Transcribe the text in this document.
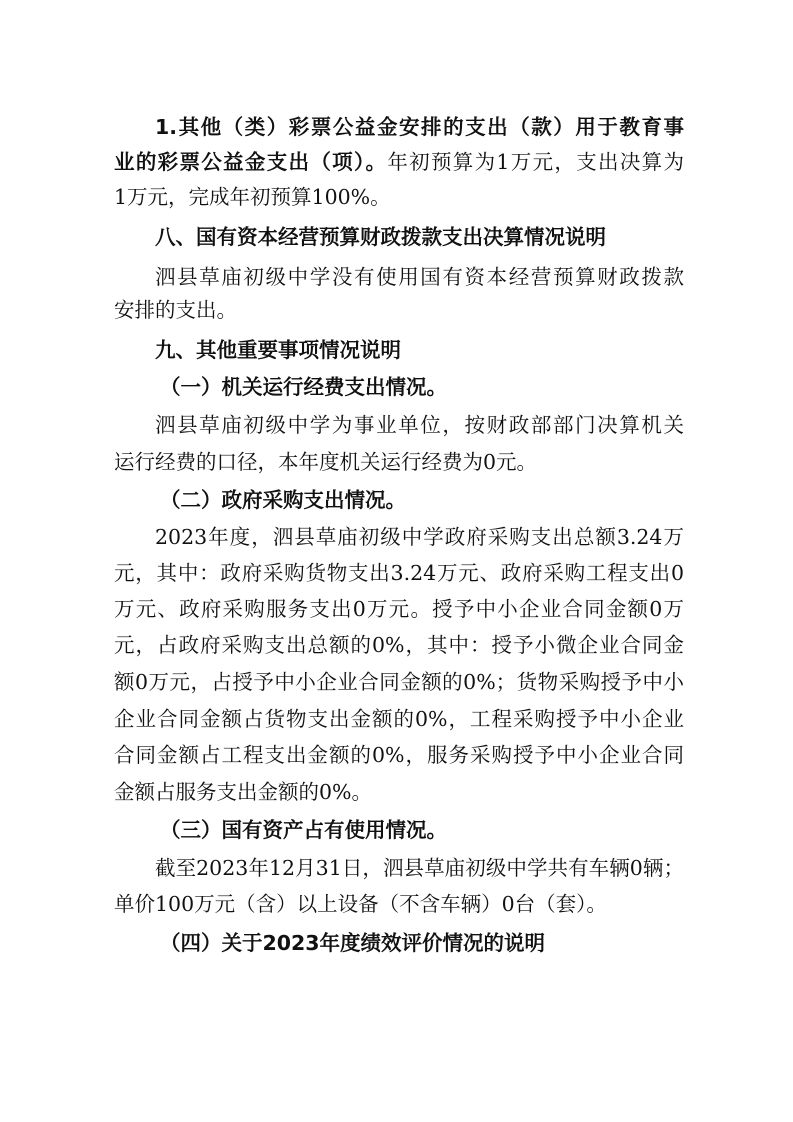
1.其他（类）彩票公益金安排的支出（款）用于教育事
业的彩票公益金支出（项）。年初预算为1万元，支出决算为
1万元，完成年初预算100%。
八、国有资本经营预算财政拨款支出决算情况说明
泗县草庙初级中学没有使用国有资本经营预算财政拨款
安排的支出。
九、其他重要事项情况说明
（一）机关运行经费支出情况。
泗县草庙初级中学为事业单位，按财政部部门决算机关
运行经费的口径，本年度机关运行经费为0元。
（二）政府采购支出情况。
2023年度，泗县草庙初级中学政府采购支出总额3.24万
元，其中：政府采购货物支出3.24万元、政府采购工程支出0
万元、政府采购服务支出0万元。授予中小企业合同金额0万
元，占政府采购支出总额的0%，其中：授予小微企业合同金
额0万元，占授予中小企业合同金额的0%；货物采购授予中小
企业合同金额占货物支出金额的0%，工程采购授予中小企业
合同金额占工程支出金额的0%，服务采购授予中小企业合同
金额占服务支出金额的0%。
（三）国有资产占有使用情况。
截至2023年12月31日，泗县草庙初级中学共有车辆0辆；
单价100万元（含）以上设备（不含车辆）0台（套）。
（四）关于2023年度绩效评价情况的说明
